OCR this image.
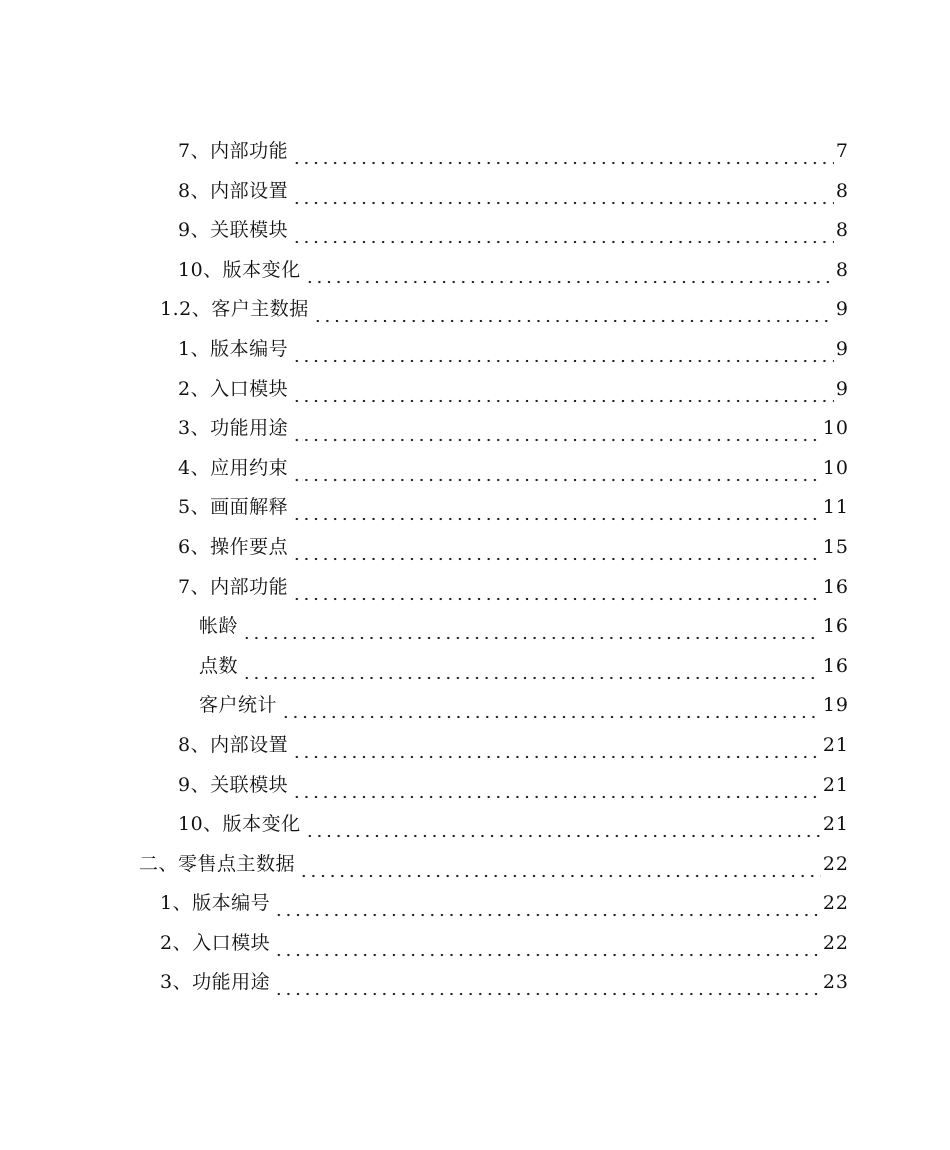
7、内部功能	7
8、内部设置	8
9、关联模块	8
10、版本变化	8
1.2、客户主数据	9
1、版本编号	9
2、入口模块	9
3、功能用途	10
4、应用约束	10
5、画面解释	11
6、操作要点	15
7、内部功能	16
帐龄	16
点数	16
客户统计	19
8、内部设置	21
9、关联模块	21
10、版本变化	21
二、零售点主数据	22
1、版本编号	22
2、入口模块	22
3、功能用途	23
